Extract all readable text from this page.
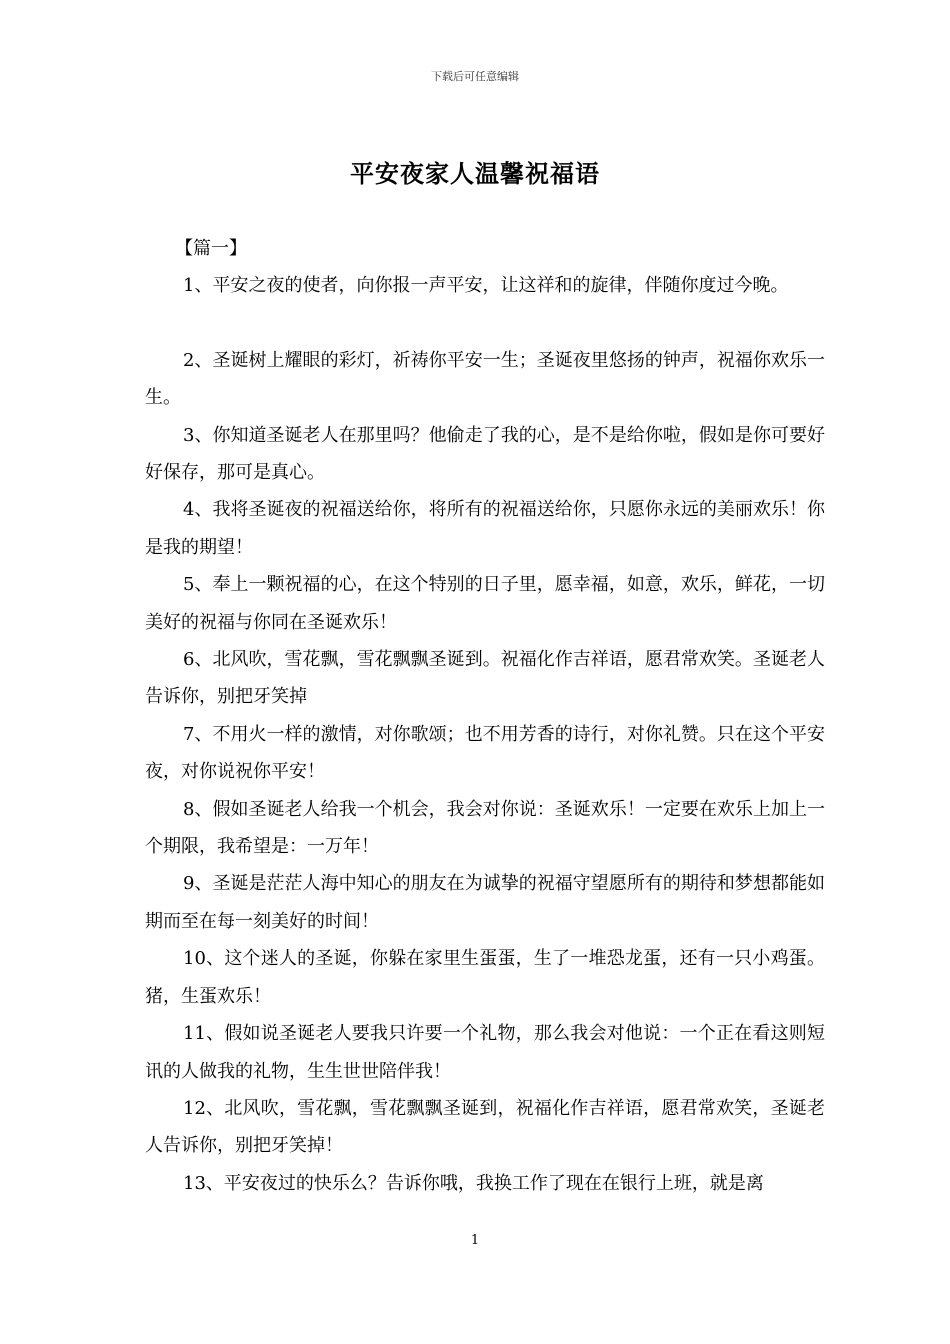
下载后可任意编辑
平安夜家人温馨祝福语

【篇一】

1、平安之夜的使者，向你报一声平安，让这祥和的旋律，伴随你度过今晚。

2、圣诞树上耀眼的彩灯，祈祷你平安一生；圣诞夜里悠扬的钟声，祝福你欢乐一生。

3、你知道圣诞老人在那里吗？他偷走了我的心，是不是给你啦，假如是你可要好好保存，那可是真心。

4、我将圣诞夜的祝福送给你，将所有的祝福送给你，只愿你永远的美丽欢乐！你是我的期望！

5、奉上一颗祝福的心，在这个特别的日子里，愿幸福，如意，欢乐，鲜花，一切美好的祝福与你同在圣诞欢乐！

6、北风吹，雪花飘，雪花飘飘圣诞到。祝福化作吉祥语，愿君常欢笑。圣诞老人告诉你，别把牙笑掉

7、不用火一样的激情，对你歌颂；也不用芳香的诗行，对你礼赞。只在这个平安夜，对你说祝你平安！

8、假如圣诞老人给我一个机会，我会对你说：圣诞欢乐！一定要在欢乐上加上一个期限，我希望是：一万年！

9、圣诞是茫茫人海中知心的朋友在为诚挚的祝福守望愿所有的期待和梦想都能如期而至在每一刻美好的时间！

10、这个迷人的圣诞，你躲在家里生蛋蛋，生了一堆恐龙蛋，还有一只小鸡蛋。猪，生蛋欢乐！

11、假如说圣诞老人要我只许要一个礼物，那么我会对他说：一个正在看这则短讯的人做我的礼物，生生世世陪伴我！

12、北风吹，雪花飘，雪花飘飘圣诞到，祝福化作吉祥语，愿君常欢笑，圣诞老人告诉你，别把牙笑掉！

13、平安夜过的快乐么？告诉你哦，我换工作了现在在银行上班，就是离

1
